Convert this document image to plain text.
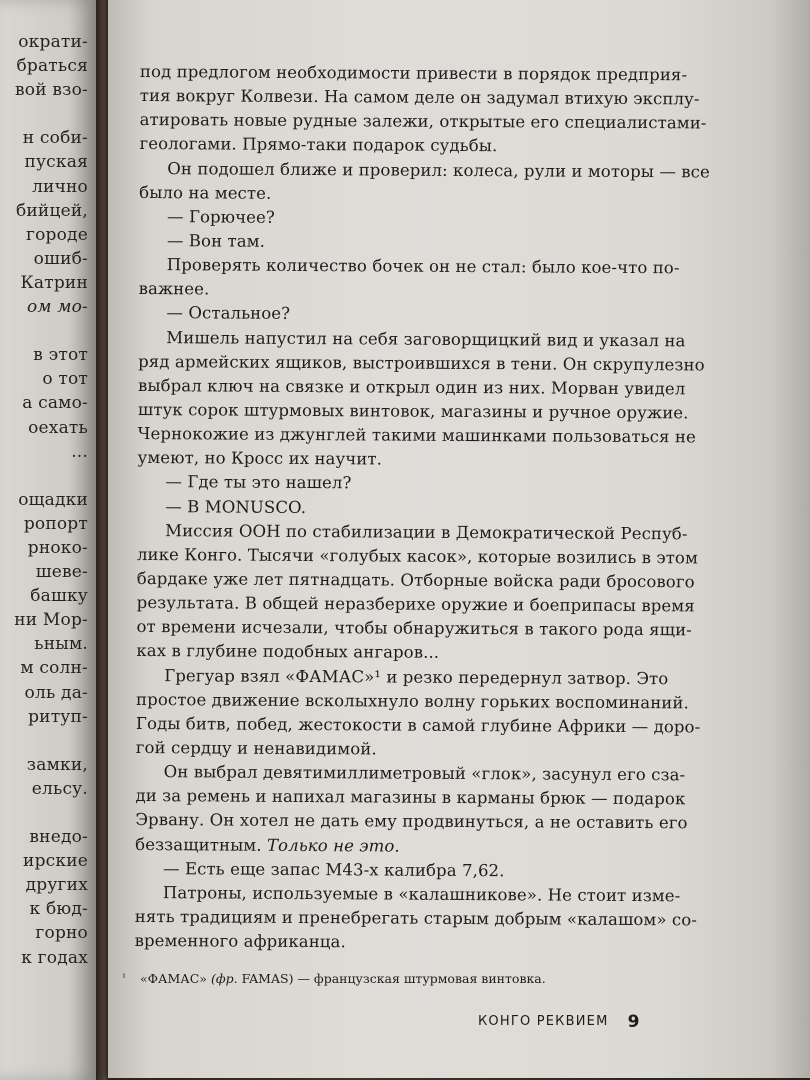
ократи-
браться
вой взо-
н соби-
пуская
лично
бийцей,
городе
ошиб-
Катрин
ом мо-
в этот
о тот
а само-
оехать
...
ощадки
ропорт
рноко-
шеве-
башку
ни Мор-
ьным.
м солн-
оль да-
ритуп-
замки,
ельсу.
внедо-
ирские
других
к бюд-
горно
к годах
под предлогом необходимости привести в порядок предприя-
тия вокруг Колвези. На самом деле он задумал втихую эксплу-
атировать новые рудные залежи, открытые его специалистами-
геологами. Прямо-таки подарок судьбы.
Он подошел ближе и проверил: колеса, рули и моторы — все
было на месте.
— Горючее?
— Вон там.
Проверять количество бочек он не стал: было кое-что по-
важнее.
— Остальное?
Мишель напустил на себя заговорщицкий вид и указал на
ряд армейских ящиков, выстроившихся в тени. Он скрупулезно
выбрал ключ на связке и открыл один из них. Морван увидел
штук сорок штурмовых винтовок, магазины и ручное оружие.
Чернокожие из джунглей такими машинками пользоваться не
умеют, но Кросс их научит.
— Где ты это нашел?
— В MONUSCO.
Миссия ООН по стабилизации в Демократической Респуб-
лике Конго. Тысячи «голубых касок», которые возились в этом
бардаке уже лет пятнадцать. Отборные войска ради бросового
результата. В общей неразберихе оружие и боеприпасы время
от времени исчезали, чтобы обнаружиться в такого рода ящи-
ках в глубине подобных ангаров...
Грегуар взял «ФАМАС»¹ и резко передернул затвор. Это
простое движение всколыхнуло волну горьких воспоминаний.
Годы битв, побед, жестокости в самой глубине Африки — доро-
гой сердцу и ненавидимой.
Он выбрал девятимиллиметровый «глок», засунул его сза-
ди за ремень и напихал магазины в карманы брюк — подарок
Эрвану. Он хотел не дать ему продвинуться, а не оставить его
беззащитным. Только не это.
— Есть еще запас М43-х калибра 7,62.
Патроны, используемые в «калашникове». Не стоит изме-
нять традициям и пренебрегать старым добрым «калашом» со-
временного африканца.
¹ «ФАМАС» (фр. FAMAS) — французская штурмовая винтовка.
КОНГО РЕКВИЕМ 9
